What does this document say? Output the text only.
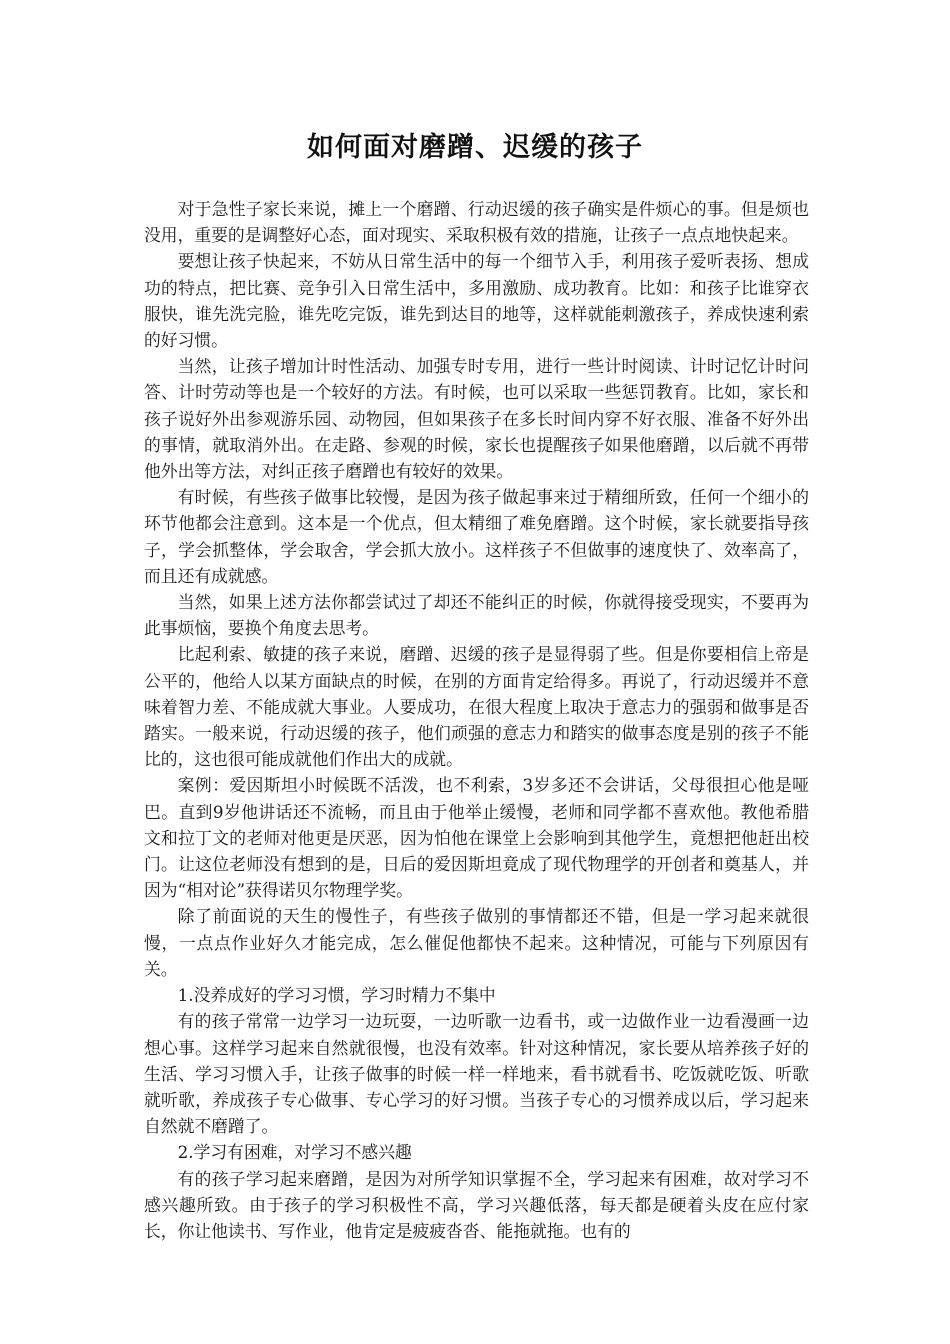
如何面对磨蹭、迟缓的孩子

对于急性子家长来说，摊上一个磨蹭、行动迟缓的孩子确实是件烦心的事。但是烦也没用，重要的是调整好心态，面对现实、采取积极有效的措施，让孩子一点点地快起来。

要想让孩子快起来，不妨从日常生活中的每一个细节入手，利用孩子爱听表扬、想成功的特点，把比赛、竞争引入日常生活中，多用激励、成功教育。比如：和孩子比谁穿衣服快，谁先洗完脸，谁先吃完饭，谁先到达目的地等，这样就能刺激孩子，养成快速利索的好习惯。

当然，让孩子增加计时性活动、加强专时专用，进行一些计时阅读、计时记忆计时问答、计时劳动等也是一个较好的方法。有时候，也可以采取一些惩罚教育。比如，家长和孩子说好外出参观游乐园、动物园，但如果孩子在多长时间内穿不好衣服、准备不好外出的事情，就取消外出。在走路、参观的时候，家长也提醒孩子如果他磨蹭，以后就不再带他外出等方法，对纠正孩子磨蹭也有较好的效果。

有时候，有些孩子做事比较慢，是因为孩子做起事来过于精细所致，任何一个细小的环节他都会注意到。这本是一个优点，但太精细了难免磨蹭。这个时候，家长就要指导孩子，学会抓整体，学会取舍，学会抓大放小。这样孩子不但做事的速度快了、效率高了，而且还有成就感。

当然，如果上述方法你都尝试过了却还不能纠正的时候，你就得接受现实，不要再为此事烦恼，要换个角度去思考。

比起利索、敏捷的孩子来说，磨蹭、迟缓的孩子是显得弱了些。但是你要相信上帝是公平的，他给人以某方面缺点的时候，在别的方面肯定给得多。再说了，行动迟缓并不意味着智力差、不能成就大事业。人要成功，在很大程度上取决于意志力的强弱和做事是否踏实。一般来说，行动迟缓的孩子，他们顽强的意志力和踏实的做事态度是别的孩子不能比的，这也很可能成就他们作出大的成就。

案例：爱因斯坦小时候既不活泼，也不利索，3岁多还不会讲话，父母很担心他是哑巴。直到9岁他讲话还不流畅，而且由于他举止缓慢，老师和同学都不喜欢他。教他希腊文和拉丁文的老师对他更是厌恶，因为怕他在课堂上会影响到其他学生，竟想把他赶出校门。让这位老师没有想到的是，日后的爱因斯坦竟成了现代物理学的开创者和奠基人，并因为“相对论”获得诺贝尔物理学奖。

除了前面说的天生的慢性子，有些孩子做别的事情都还不错，但是一学习起来就很慢，一点点作业好久才能完成，怎么催促他都快不起来。这种情况，可能与下列原因有关。

1.没养成好的学习习惯，学习时精力不集中

有的孩子常常一边学习一边玩耍，一边听歌一边看书，或一边做作业一边看漫画一边想心事。这样学习起来自然就很慢，也没有效率。针对这种情况，家长要从培养孩子好的生活、学习习惯入手，让孩子做事的时候一样一样地来，看书就看书、吃饭就吃饭、听歌就听歌，养成孩子专心做事、专心学习的好习惯。当孩子专心的习惯养成以后，学习起来自然就不磨蹭了。

2.学习有困难，对学习不感兴趣

有的孩子学习起来磨蹭，是因为对所学知识掌握不全，学习起来有困难，故对学习不感兴趣所致。由于孩子的学习积极性不高，学习兴趣低落，每天都是硬着头皮在应付家长，你让他读书、写作业，他肯定是疲疲沓沓、能拖就拖。也有的
